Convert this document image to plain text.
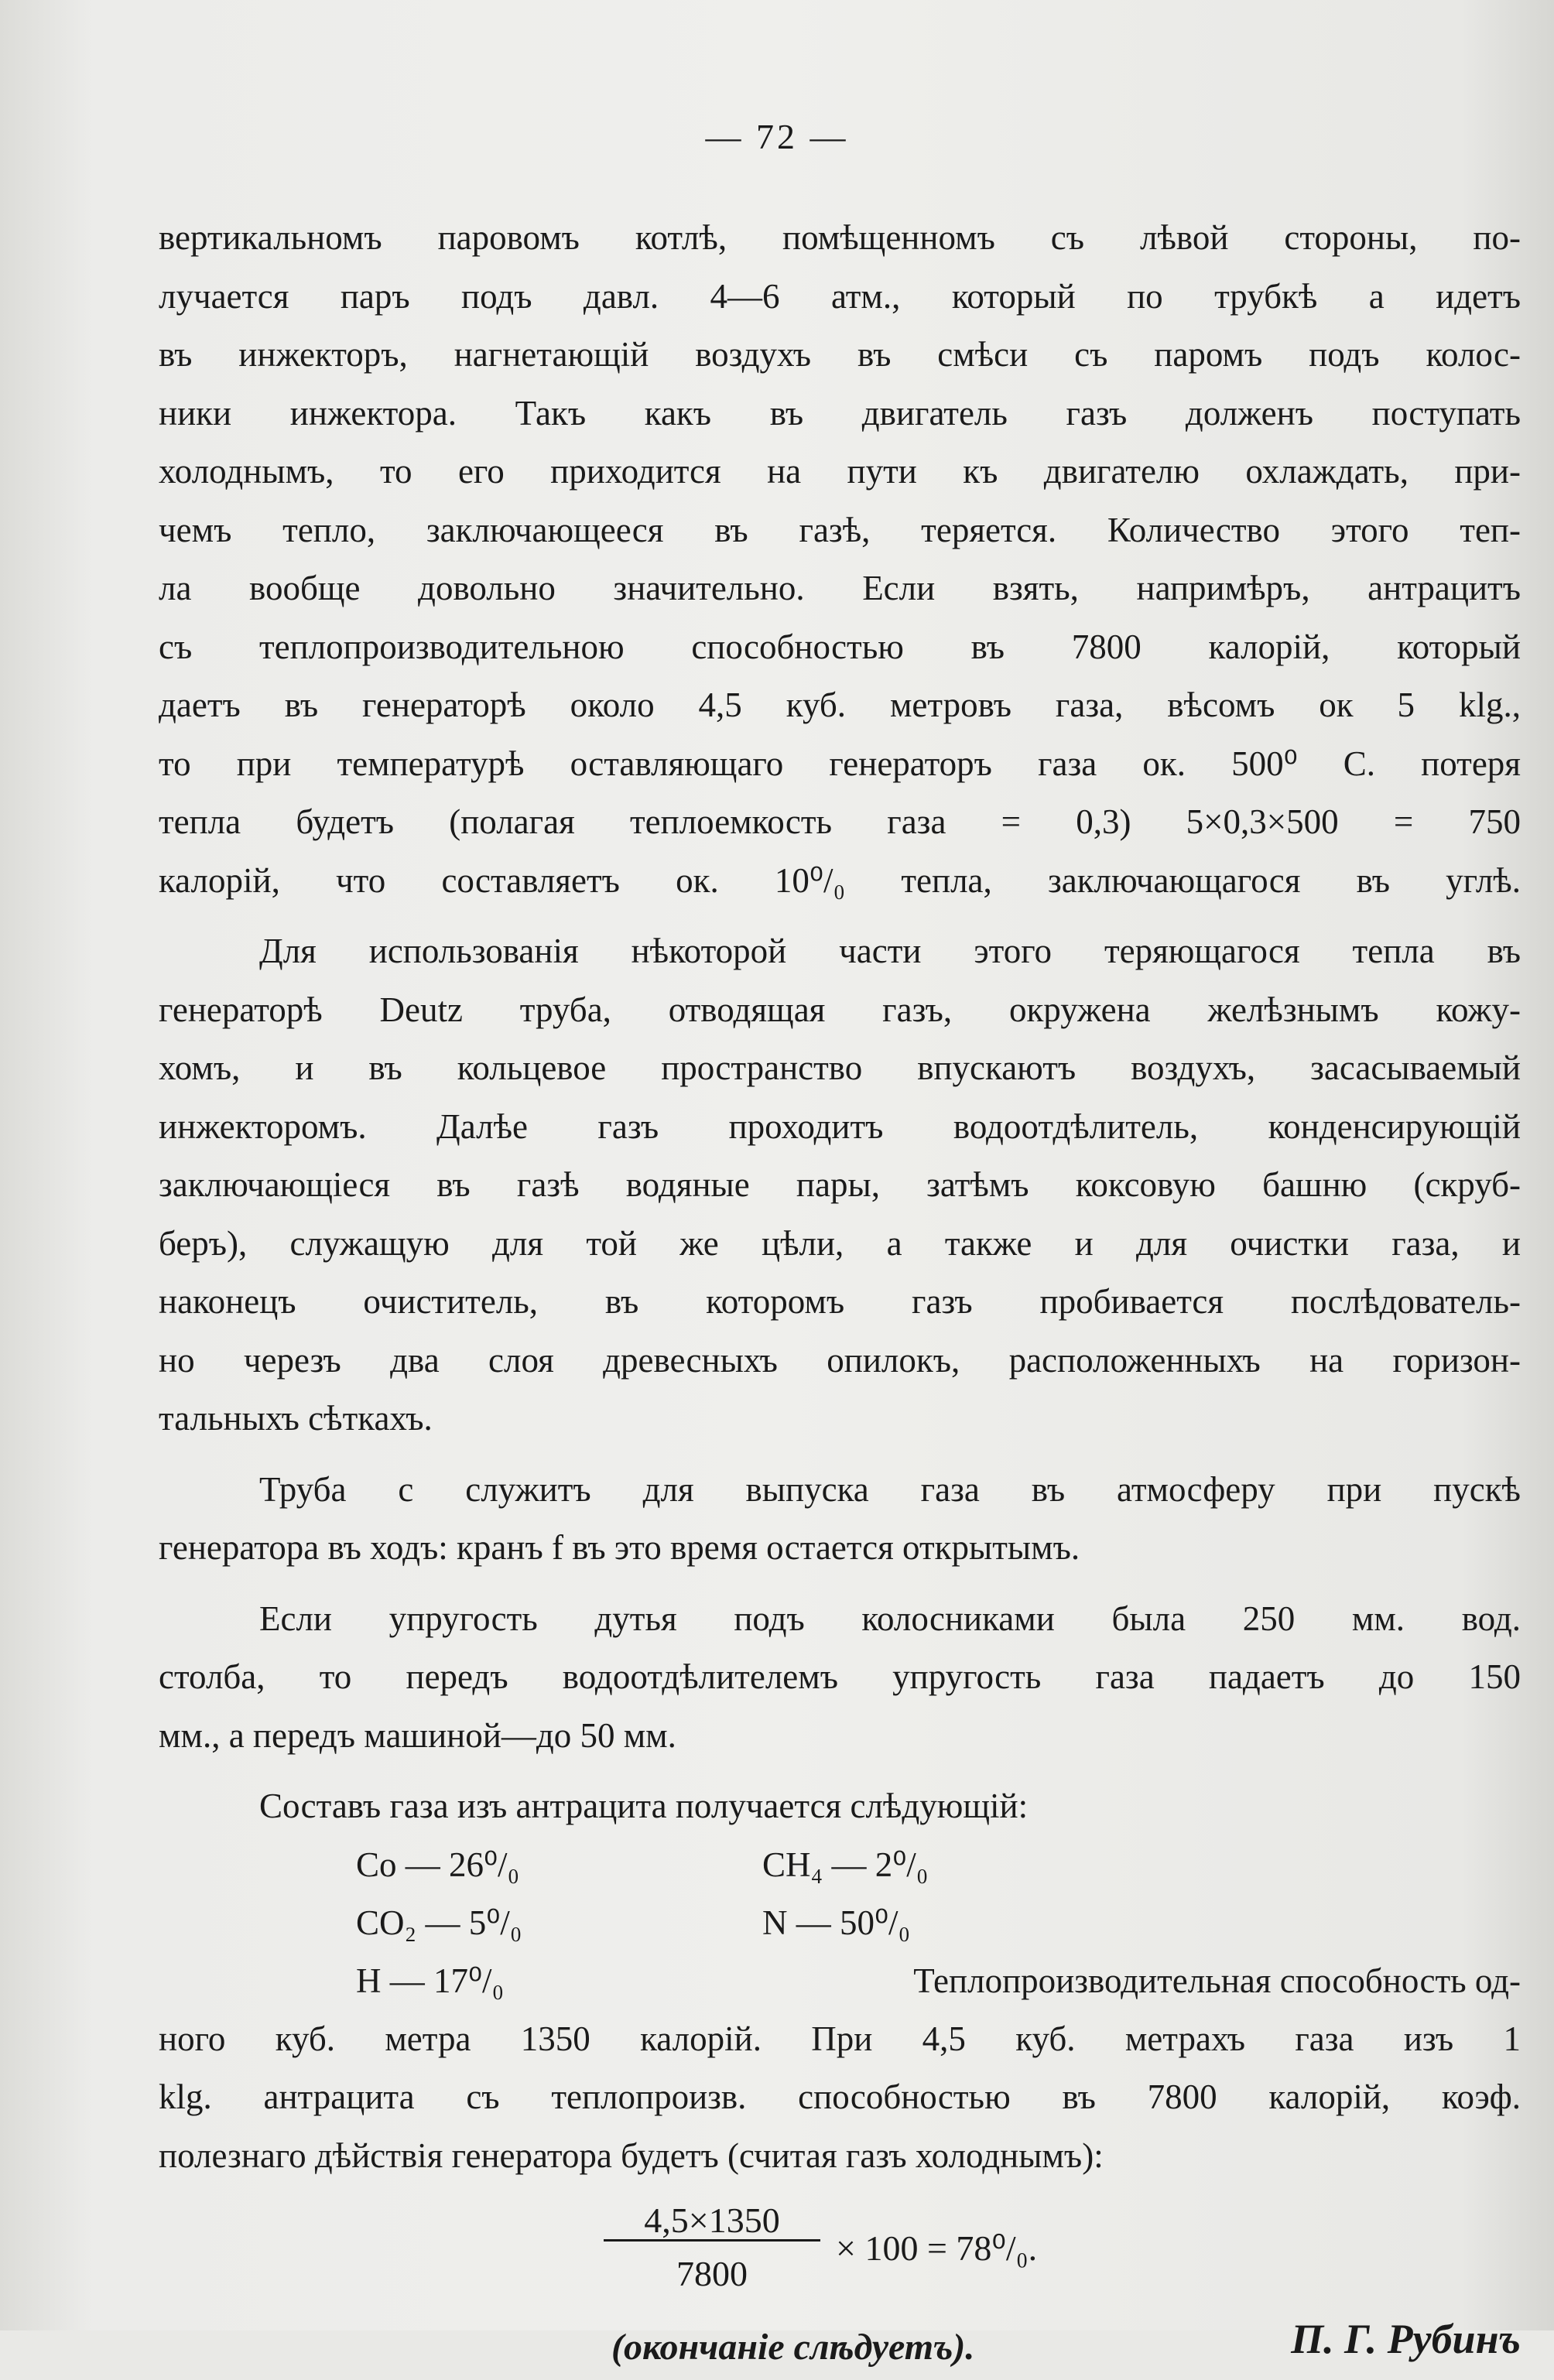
— 72 —
вертикальномъ паровомъ котлѣ, помѣщенномъ съ лѣвой стороны, по-
лучается паръ подъ давл. 4—6 атм., который по трубкѣ a идетъ
въ инжекторъ, нагнетающій воздухъ въ смѣси съ паромъ подъ колос-
ники инжектора. Такъ какъ въ двигатель газъ долженъ поступать
холоднымъ, то его приходится на пути къ двигателю охлаждать, при-
чемъ тепло, заключающееся въ газѣ, теряется. Количество этого теп-
ла вообще довольно значительно. Если взять, напримѣръ, антрацитъ
съ теплопроизводительною способностью въ 7800 калорій, который
даетъ въ генераторѣ около 4,5 куб. метровъ газа, вѣсомъ ок 5 klg.,
то при температурѣ оставляющаго генераторъ газа ок. 500⁰ С. потеря
тепла будетъ (полагая теплоемкость газа = 0,3) 5×0,3×500 = 750
калорій, что составляетъ ок. 10⁰/₀ тепла, заключающагося въ углѣ.
Для использованія нѣкоторой части этого теряющагося тепла въ
генераторѣ Deutz труба, отводящая газъ, окружена желѣзнымъ кожу-
хомъ, и въ кольцевое пространство впускаютъ воздухъ, засасываемый
инжекторомъ. Далѣе газъ проходитъ водоотдѣлитель, конденсирующій
заключающіеся въ газѣ водяные пары, затѣмъ коксовую башню (скруб-
беръ), служащую для той же цѣли, а также и для очистки газа, и
наконецъ очиститель, въ которомъ газъ пробивается послѣдователь-
но черезъ два слоя древесныхъ опилокъ, расположенныхъ на горизон-
тальныхъ сѣткахъ.
Труба c служитъ для выпуска газа въ атмосферу при пускѣ
генератора въ ходъ: кранъ f въ это время остается открытымъ.
Если упругость дутья подъ колосниками была 250 мм. вод.
столба, то передъ водоотдѣлителемъ упругость газа падаетъ до 150
мм., а передъ машиной—до 50 мм.
Составъ газа изъ антрацита получается слѣдующій:
Co — 26⁰/₀	CH₄ — 2⁰/₀
CO₂ — 5⁰/₀	N — 50⁰/₀
H — 17⁰/₀	Теплопроизводительная способность од-
ного куб. метра 1350 калорій. При 4,5 куб. метрахъ газа изъ 1
klg. антрацита съ теплопроизв. способностью въ 7800 калорій, коэф.
полезнаго дѣйствія генератора будетъ (считая газъ холоднымъ):
4,5×1350
7800
× 100 = 78⁰/₀.
(окончаніе слѣдуетъ).	П. Г. Рубинъ
